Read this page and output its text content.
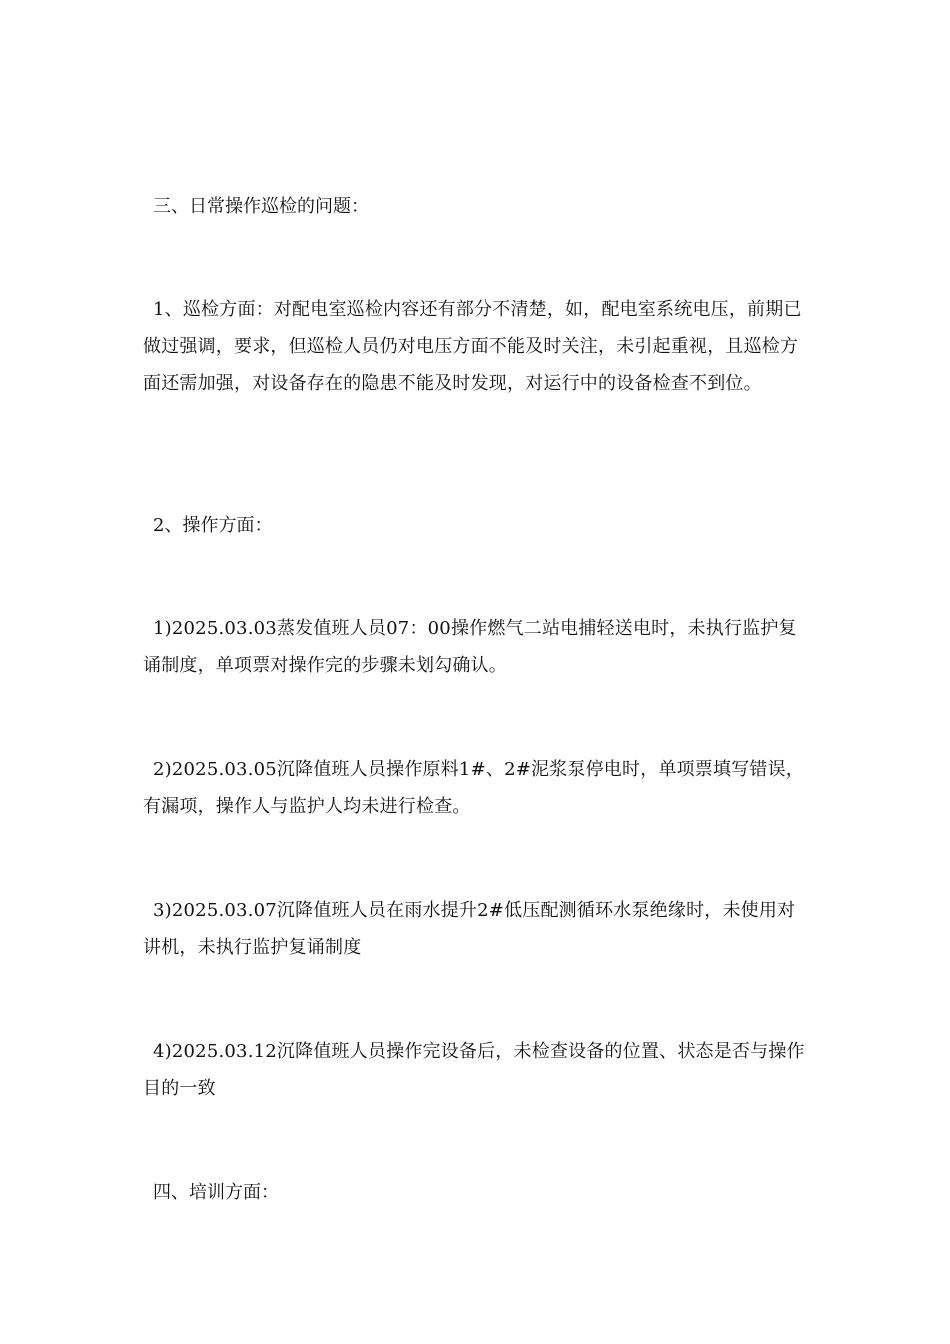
三、日常操作巡检的问题：

1、巡检方面：对配电室巡检内容还有部分不清楚，如，配电室系统电压，前期已做过强调，要求，但巡检人员仍对电压方面不能及时关注，未引起重视，且巡检方面还需加强，对设备存在的隐患不能及时发现，对运行中的设备检查不到位。

2、操作方面：

1)2025.03.03蒸发值班人员07：00操作燃气二站电捕轻送电时，未执行监护复诵制度，单项票对操作完的步骤未划勾确认。

2)2025.03.05沉降值班人员操作原料1#、2#泥浆泵停电时，单项票填写错误，有漏项，操作人与监护人均未进行检查。

3)2025.03.07沉降值班人员在雨水提升2#低压配测循环水泵绝缘时，未使用对讲机，未执行监护复诵制度

4)2025.03.12沉降值班人员操作完设备后，未检查设备的位置、状态是否与操作目的一致

四、培训方面：
